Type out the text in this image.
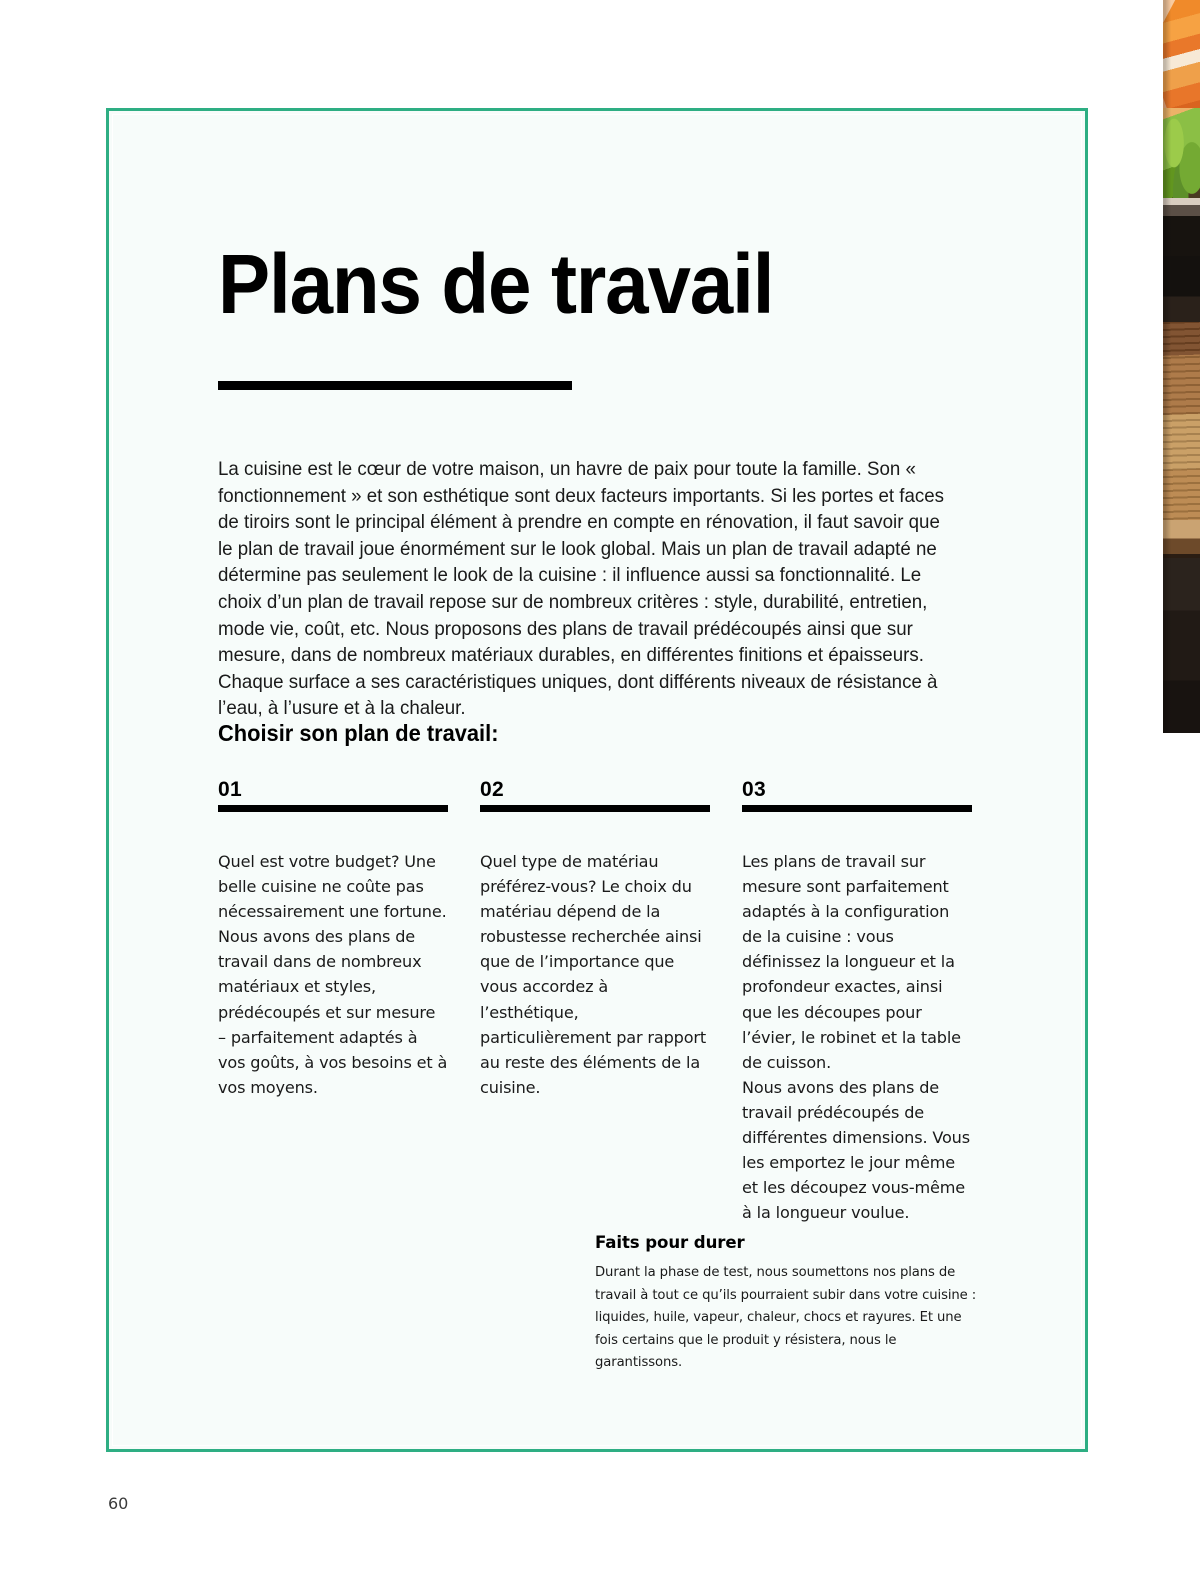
Plans de travail

La cuisine est le cœur de votre maison, un havre de paix pour toute la famille. Son « fonctionnement » et son esthétique sont deux facteurs importants. Si les portes et faces de tiroirs sont le principal élément à prendre en compte en rénovation, il faut savoir que le plan de travail joue énormément sur le look global. Mais un plan de travail adapté ne détermine pas seulement le look de la cuisine : il influence aussi sa fonctionnalité. Le choix d’un plan de travail repose sur de nombreux critères : style, durabilité, entretien, mode vie, coût, etc. Nous proposons des plans de travail prédécoupés ainsi que sur mesure, dans de nombreux matériaux durables, en différentes finitions et épaisseurs. Chaque surface a ses caractéristiques uniques, dont différents niveaux de résistance à l’eau, à l’usure et à la chaleur.

Choisir son plan de travail:
01

Quel est votre budget? Une belle cuisine ne coûte pas nécessairement une fortune. Nous avons des plans de travail dans de nombreux matériaux et styles, prédécoupés et sur mesure – parfaitement adaptés à vos goûts, à vos besoins et à vos moyens.

02

Quel type de matériau préférez-vous? Le choix du matériau dépend de la robustesse recherchée ainsi que de l’importance que vous accordez à l’esthétique, particulièrement par rapport au reste des éléments de la cuisine.

03

Les plans de travail sur mesure sont parfaitement adaptés à la configuration de la cuisine : vous définissez la longueur et la profondeur exactes, ainsi que les découpes pour l’évier, le robinet et la table de cuisson.

Nous avons des plans de travail prédécoupés de différentes dimensions. Vous les emportez le jour même et les découpez vous-même à la longueur voulue.

Faits pour durer

Durant la phase de test, nous soumettons nos plans de travail à tout ce qu’ils pourraient subir dans votre cuisine : liquides, huile, vapeur, chaleur, chocs et rayures. Et une fois certains que le produit y résistera, nous le garantissons.

60
